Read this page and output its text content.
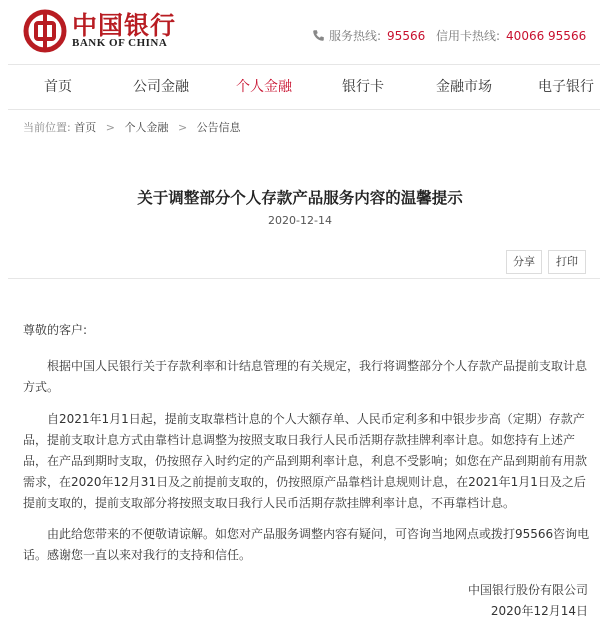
中国银行
BANK OF CHINA	服务热线: 95566 信用卡热线: 40066 95566
首页	公司金融	个人金融	银行卡	金融市场	电子银行
当前位置: 首页 > 个人金融 > 公告信息
关于调整部分个人存款产品服务内容的温馨提示
2020-12-14
分享	打印

尊敬的客户:

根据中国人民银行关于存款利率和计结息管理的有关规定，我行将调整部分个人存款产品提前支取计息方式。

自2021年1月1日起，提前支取靠档计息的个人大额存单、人民币定利多和中银步步高（定期）存款产品，提前支取计息方式由靠档计息调整为按照支取日我行人民币活期存款挂牌利率计息。如您持有上述产品，在产品到期时支取，仍按照存入时约定的产品到期利率计息，利息不受影响；如您在产品到期前有用款需求，在2020年12月31日及之前提前支取的，仍按照原产品靠档计息规则计息，在2021年1月1日及之后提前支取的，提前支取部分将按照支取日我行人民币活期存款挂牌利率计息，不再靠档计息。

由此给您带来的不便敬请谅解。如您对产品服务调整内容有疑问，可咨询当地网点或拨打95566咨询电话。感谢您一直以来对我行的支持和信任。

中国银行股份有限公司
2020年12月14日
